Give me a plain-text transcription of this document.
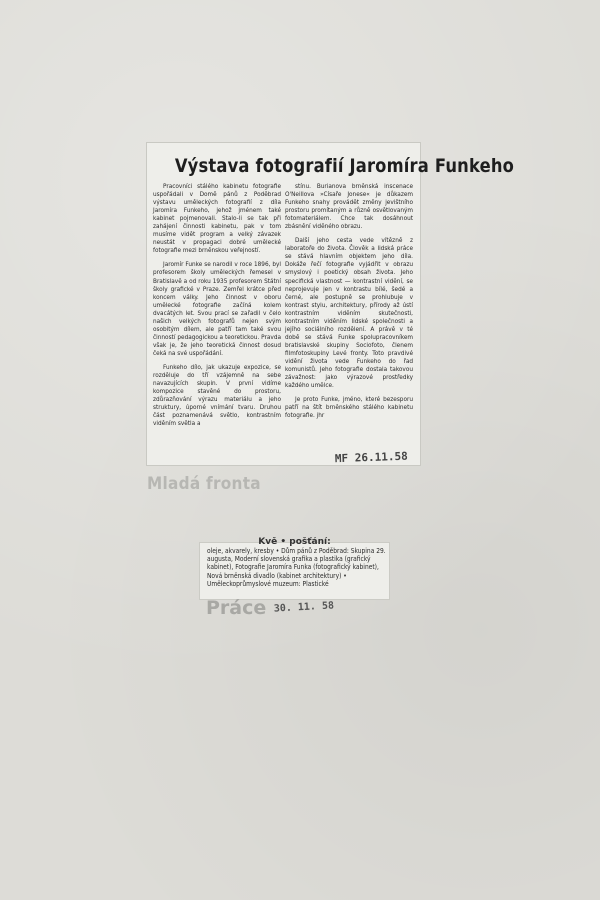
Výstava fotografií Jaromíra Funkeho

Pracovníci stálého kabinetu fotografie uspořádali v Domě pánů z Poděbrad výstavu uměleckých fotografií z díla Jaromíra Funkeho, jehož jménem také kabinet pojmenovali. Stalo-li se tak při zahájení činnosti kabinetu, pak v tom musíme vidět program a velký závazek neustát v propagaci dobré umělecké fotografie mezi brněnskou veřejností.

Jaromír Funke se narodil v roce 1896, byl profesorem školy uměleckých řemesel v Bratislavě a od roku 1935 profesorem Státní školy grafické v Praze. Zemřel krátce před koncem války. Jeho činnost v oboru umělecké fotografie začíná kolem dvacátých let. Svou prací se zařadil v čelo našich velkých fotografů nejen svým osobitým dílem, ale patří tam také svou činností pedagogickou a teoretickou. Pravda však je, že jeho teoretická činnost dosud čeká na své uspořádání.

Funkeho dílo, jak ukazuje expozice, se rozděluje do tří vzájemně na sebe navazujících skupin. V první vidíme kompozice stavěné do prostoru, zdůrazňování výrazu materiálu a jeho struktury, úporné vnímání tvaru. Druhou část poznamenává světlo, kontrastním viděním světla a

stínu. Burianova brněnská inscenace O'Neillova »Císaře Jonese« je důkazem Funkeho snahy provádět změny jevištního prostoru promítaným a různě osvětlovaným fotomateriálem. Chce tak dosáhnout zbásnění viděného obrazu.

Další jeho cesta vede vítězně z laboratoře do života. Člověk a lidská práce se stává hlavním objektem jeho díla. Dokáže řečí fotografie vyjádřit v obrazu smyslový i poetický obsah života. Jeho specifická vlastnost — kontrastní vidění, se neprojevuje jen v kontrastu bílé, šedé a černé, ale postupně se prohlubuje v kontrast stylu, architektury, přírody až ústí kontrastním viděním skutečnosti, kontrastním viděním lidské společnosti a jejího sociálního rozdělení. A právě v té době se stává Funke spolupracovníkem bratislavské skupiny Sociofoto, členem filmfotoskupiny Levé fronty. Toto pravdivé vidění života vede Funkeho do řad komunistů. Jeho fotografie dostala takovou závažnost: jako výrazové prostředky každého umělce.

Je proto Funke, jméno, které bezesporu patří na štít brněnského stálého kabinetu fotografie. jhr

MF 26.11.58
Mladá fronta
Kvě • pošťání:
oleje, akvarely, kresby • Dům pánů z Poděbrad: Skupina 29. augusta, Moderní slovenská grafika a plastika (grafický kabinet), Fotografie Jaromíra Funka (fotografický kabinet), Nová brněnská divadlo (kabinet architektury) • Uměleckoprůmyslové muzeum: Plastické
Práce 30. 11. 58
